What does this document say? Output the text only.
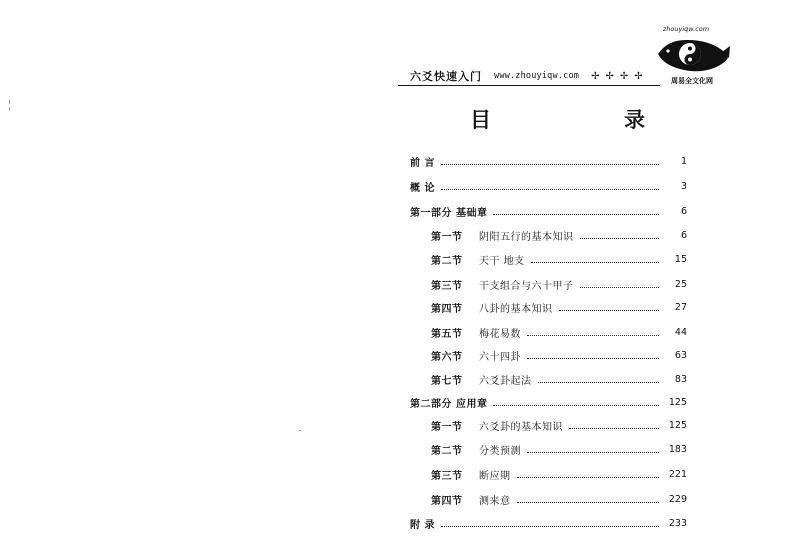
六爻快速入门 www.zhouyiqw.com ✢✢✢✢
zhouyiqw.com
周易全文化网
目	录
前 言	1
概 论	3
第一部分 基础章	6
第一节 阴阳五行的基本知识	6
第二节 天干 地支	15
第三节 干支组合与六十甲子	25
第四节 八卦的基本知识	27
第五节 梅花易数	44
第六节 六十四卦	63
第七节 六爻卦起法	83
第二部分 应用章	125
第一节 六爻卦的基本知识	125
第二节 分类预测	183
第三节 断应期	221
第四节 测来意	229
附 录	233
